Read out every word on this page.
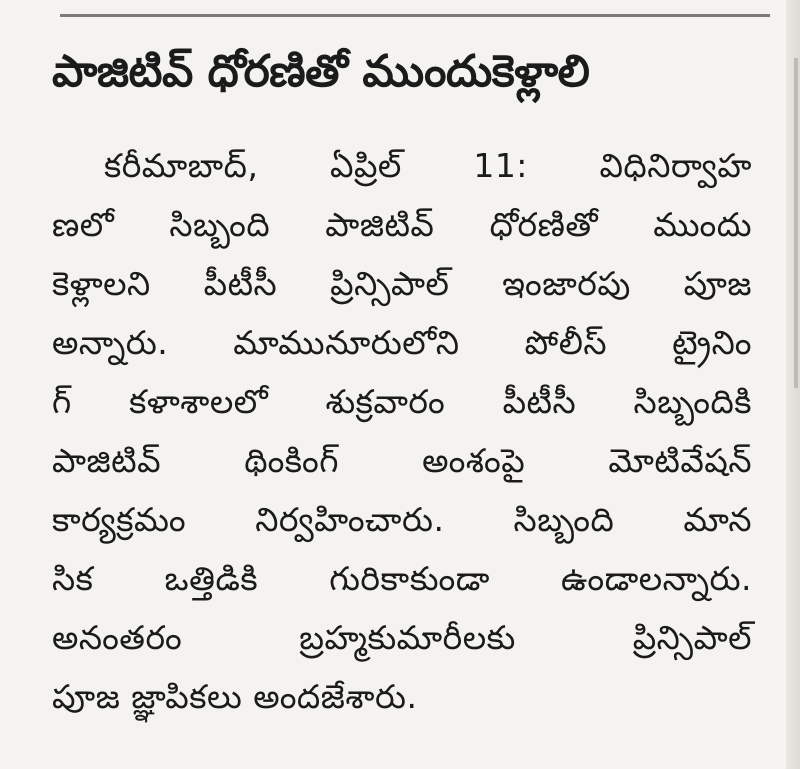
పాజిటివ్ ధోరణితో ముందుకెళ్లాలి
కరీమాబాద్, ఏప్రిల్ 11: విధినిర్వాహ
ణలో సిబ్బంది పాజిటివ్ ధోరణితో ముందు
కెళ్లాలని పీటీసీ ప్రిన్సిపాల్ ఇంజారపు పూజ
అన్నారు. మామునూరులోని పోలీస్ ట్రైనిం
గ్ కళాశాలలో శుక్రవారం పీటీసీ సిబ్బందికి
పాజిటివ్ థింకింగ్ అంశంపై మోటివేషన్
కార్యక్రమం నిర్వహించారు. సిబ్బంది మాన
సిక ఒత్తిడికి గురికాకుండా ఉండాలన్నారు.
అనంతరం బ్రహ్మకుమారీలకు ప్రిన్సిపాల్
పూజ జ్ఞాపికలు అందజేశారు.
